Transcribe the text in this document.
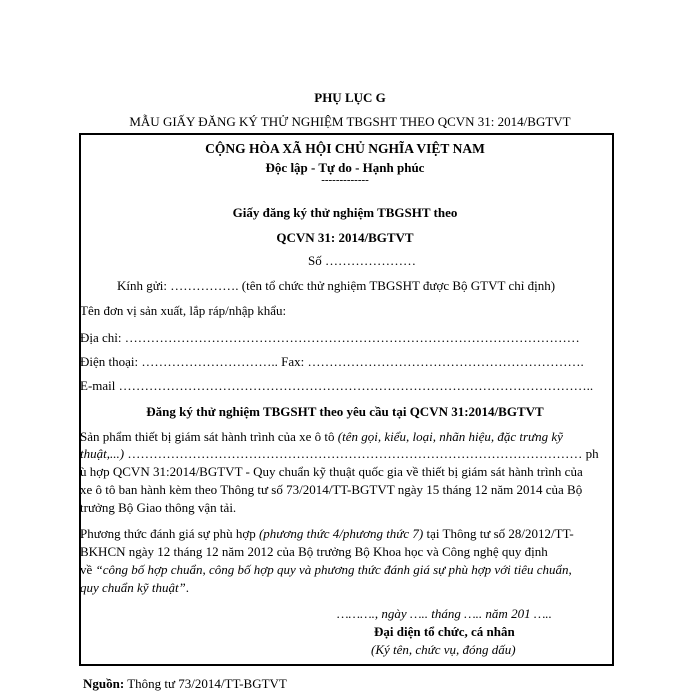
PHỤ LỤC G
MẪU GIẤY ĐĂNG KÝ THỬ NGHIỆM TBGSHT THEO QCVN 31: 2014/BGTVT
CỘNG HÒA XÃ HỘI CHỦ NGHĨA VIỆT NAM
Độc lập - Tự do - Hạnh phúc
-------------
Giấy đăng ký thử nghiệm TBGSHT theo
QCVN 31: 2014/BGTVT
Số …………………
Kính gửi: ……………. (tên tổ chức thử nghiệm TBGSHT được Bộ GTVT chỉ định)
Tên đơn vị sản xuất, lắp ráp/nhập khẩu:
Địa chỉ: ……………………………………………………………………………………………
Điện thoại: ………………………….. Fax: ……………………………………………………….
E-mail ………………………………………………………………………………………………..
Đăng ký thử nghiệm TBGSHT theo yêu cầu tại QCVN 31:2014/BGTVT
Sản phẩm thiết bị giám sát hành trình của xe ô tô (tên gọi, kiểu, loại, nhãn hiệu, đặc trưng kỹ
thuật,...) …………………………………………………………………………………………… ph
ù hợp QCVN 31:2014/BGTVT - Quy chuẩn kỹ thuật quốc gia về thiết bị giám sát hành trình của
xe ô tô ban hành kèm theo Thông tư số 73/2014/TT-BGTVT ngày 15 tháng 12 năm 2014 của Bộ
trưởng Bộ Giao thông vận tải.
Phương thức đánh giá sự phù hợp (phương thức 4/phương thức 7) tại Thông tư số 28/2012/TT-
BKHCN ngày 12 tháng 12 năm 2012 của Bộ trưởng Bộ Khoa học và Công nghệ quy định
về “công bố hợp chuẩn, công bố hợp quy và phương thức đánh giá sự phù hợp với tiêu chuẩn,
quy chuẩn kỹ thuật”.
………., ngày ….. tháng ….. năm 201 …..
Đại diện tổ chức, cá nhân
(Ký tên, chức vụ, đóng dấu)
Nguồn: Thông tư 73/2014/TT-BGTVT
